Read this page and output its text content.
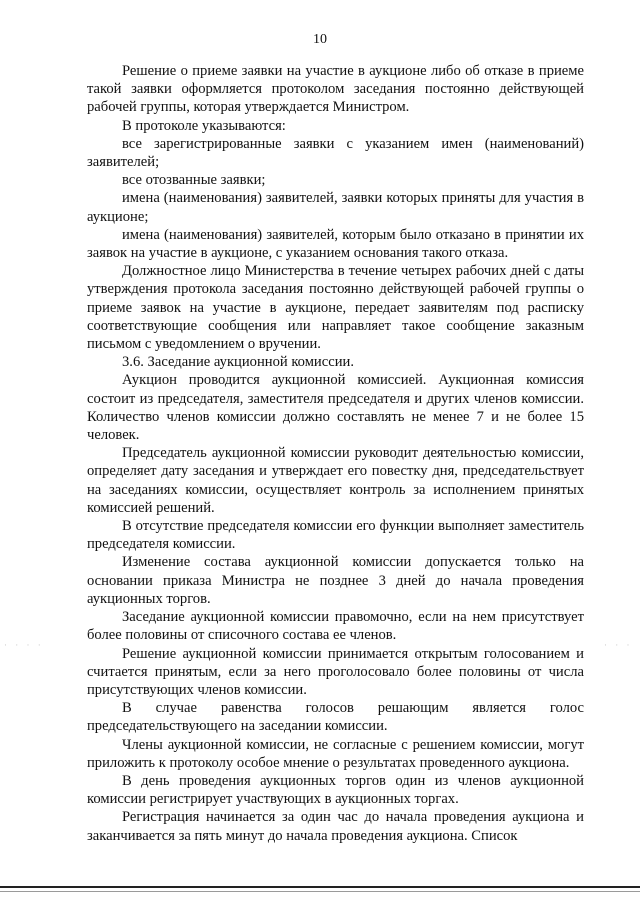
10

Решение о приеме заявки на участие в аукционе либо об отказе в приеме такой заявки оформляется протоколом заседания постоянно действующей рабочей группы, которая утверждается Министром.

В протоколе указываются:

все зарегистрированные заявки с указанием имен (наименований) заявителей;

все отозванные заявки;

имена (наименования) заявителей, заявки которых приняты для участия в аукционе;

имена (наименования) заявителей, которым было отказано в принятии их заявок на участие в аукционе, с указанием основания такого отказа.

Должностное лицо Министерства в течение четырех рабочих дней с даты утверждения протокола заседания постоянно действующей рабочей группы о приеме заявок на участие в аукционе, передает заявителям под расписку соответствующие сообщения или направляет такое сообщение заказным письмом с уведомлением о вручении.

3.6. Заседание аукционной комиссии.

Аукцион проводится аукционной комиссией. Аукционная комиссия состоит из председателя, заместителя председателя и других членов комиссии. Количество членов комиссии должно составлять не менее 7 и не более 15 человек.

Председатель аукционной комиссии руководит деятельностью комиссии, определяет дату заседания и утверждает его повестку дня, председательствует на заседаниях комиссии, осуществляет контроль за исполнением принятых комиссией решений.

В отсутствие председателя комиссии его функции выполняет заместитель председателя комиссии.

Изменение состава аукционной комиссии допускается только на основании приказа Министра не позднее 3 дней до начала проведения аукционных торгов.

Заседание аукционной комиссии правомочно, если на нем присутствует более половины от списочного состава ее членов.

Решение аукционной комиссии принимается открытым голосованием и считается принятым, если за него проголосовало более половины от числа присутствующих членов комиссии.

В случае равенства голосов решающим является голос председательствующего на заседании комиссии.

Члены аукционной комиссии, не согласные с решением комиссии, могут приложить к протоколу особое мнение о результатах проведенного аукциона.

В день проведения аукционных торгов один из членов аукционной комиссии регистрирует участвующих в аукционных торгах.

Регистрация начинается за один час до начала проведения аукциона и заканчивается за пять минут до начала проведения аукциона. Список

· · · ·	· · ·
